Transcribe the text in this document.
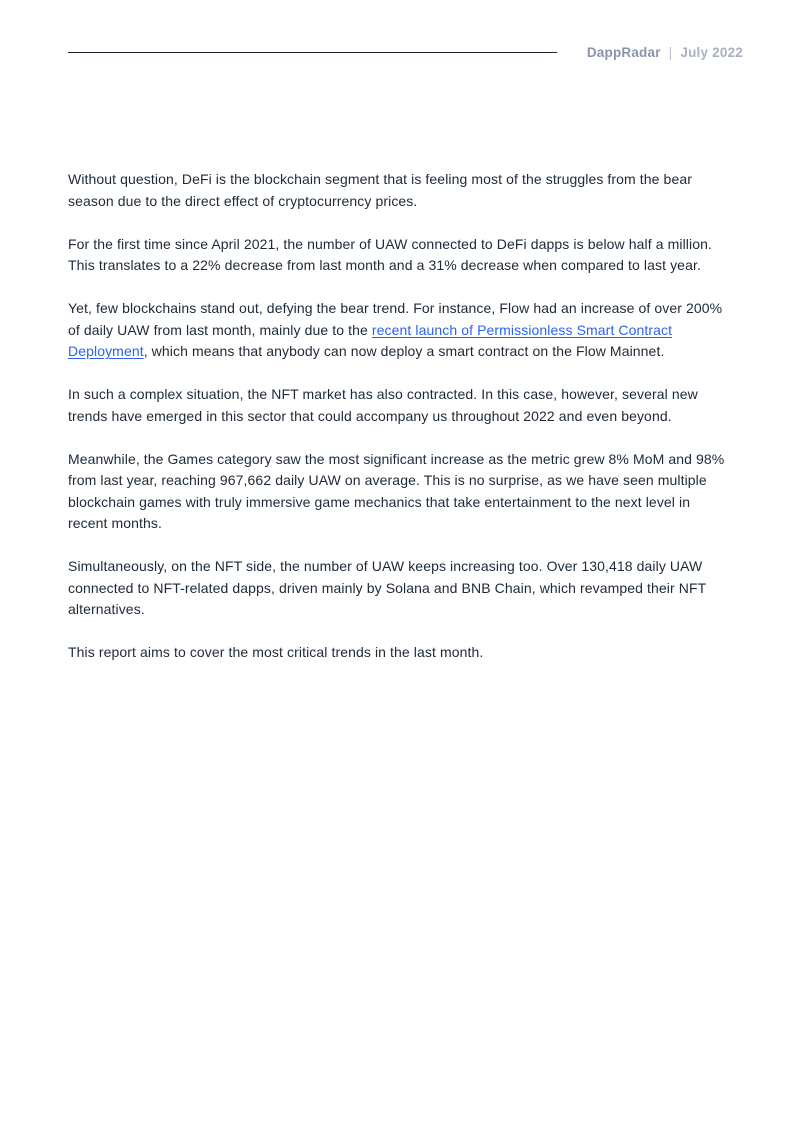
DappRadar | July 2022

Without question, DeFi is the blockchain segment that is feeling most of the struggles from the bear season due to the direct effect of cryptocurrency prices.

For the first time since April 2021, the number of UAW connected to DeFi dapps is below half a million. This translates to a 22% decrease from last month and a 31% decrease when compared to last year.

Yet, few blockchains stand out, defying the bear trend. For instance, Flow had an increase of over 200% of daily UAW from last month, mainly due to the recent launch of Permissionless Smart Contract Deployment, which means that anybody can now deploy a smart contract on the Flow Mainnet.

In such a complex situation, the NFT market has also contracted. In this case, however, several new trends have emerged in this sector that could accompany us throughout 2022 and even beyond.

Meanwhile, the Games category saw the most significant increase as the metric grew 8% MoM and 98% from last year, reaching 967,662 daily UAW on average. This is no surprise, as we have seen multiple blockchain games with truly immersive game mechanics that take entertainment to the next level in recent months.

Simultaneously, on the NFT side, the number of UAW keeps increasing too. Over 130,418 daily UAW connected to NFT-related dapps, driven mainly by Solana and BNB Chain, which revamped their NFT alternatives.

This report aims to cover the most critical trends in the last month.
